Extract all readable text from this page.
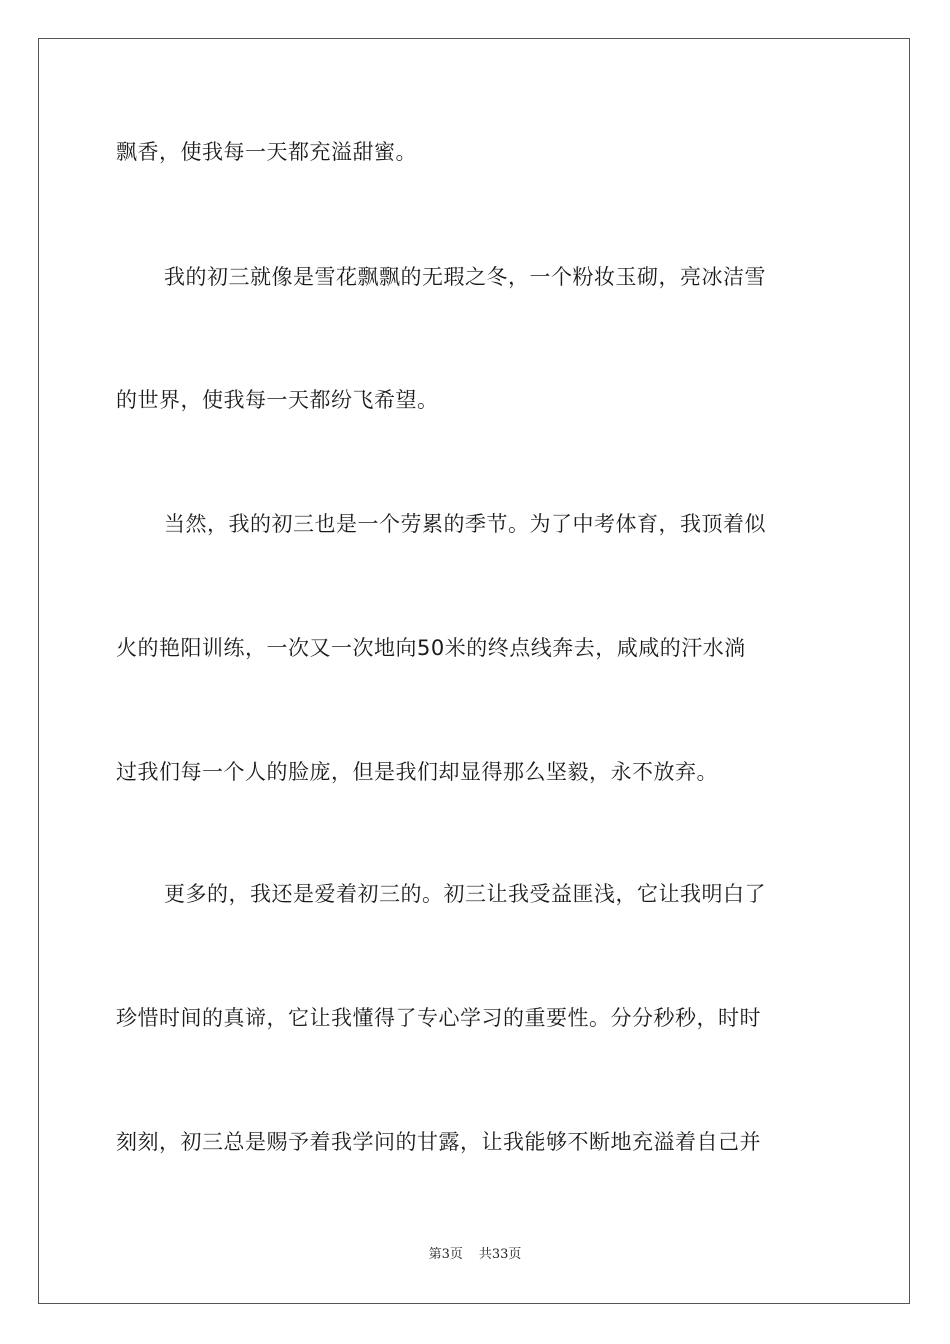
飘香，使我每一天都充溢甜蜜。
我的初三就像是雪花飘飘的无瑕之冬，一个粉妆玉砌，亮冰洁雪
的世界，使我每一天都纷飞希望。
当然，我的初三也是一个劳累的季节。为了中考体育，我顶着似
火的艳阳训练，一次又一次地向50米的终点线奔去，咸咸的汗水淌
过我们每一个人的脸庞，但是我们却显得那么坚毅，永不放弃。
更多的，我还是爱着初三的。初三让我受益匪浅，它让我明白了
珍惜时间的真谛，它让我懂得了专心学习的重要性。分分秒秒，时时
刻刻，初三总是赐予着我学问的甘露，让我能够不断地充溢着自己并
第3页 共33页
